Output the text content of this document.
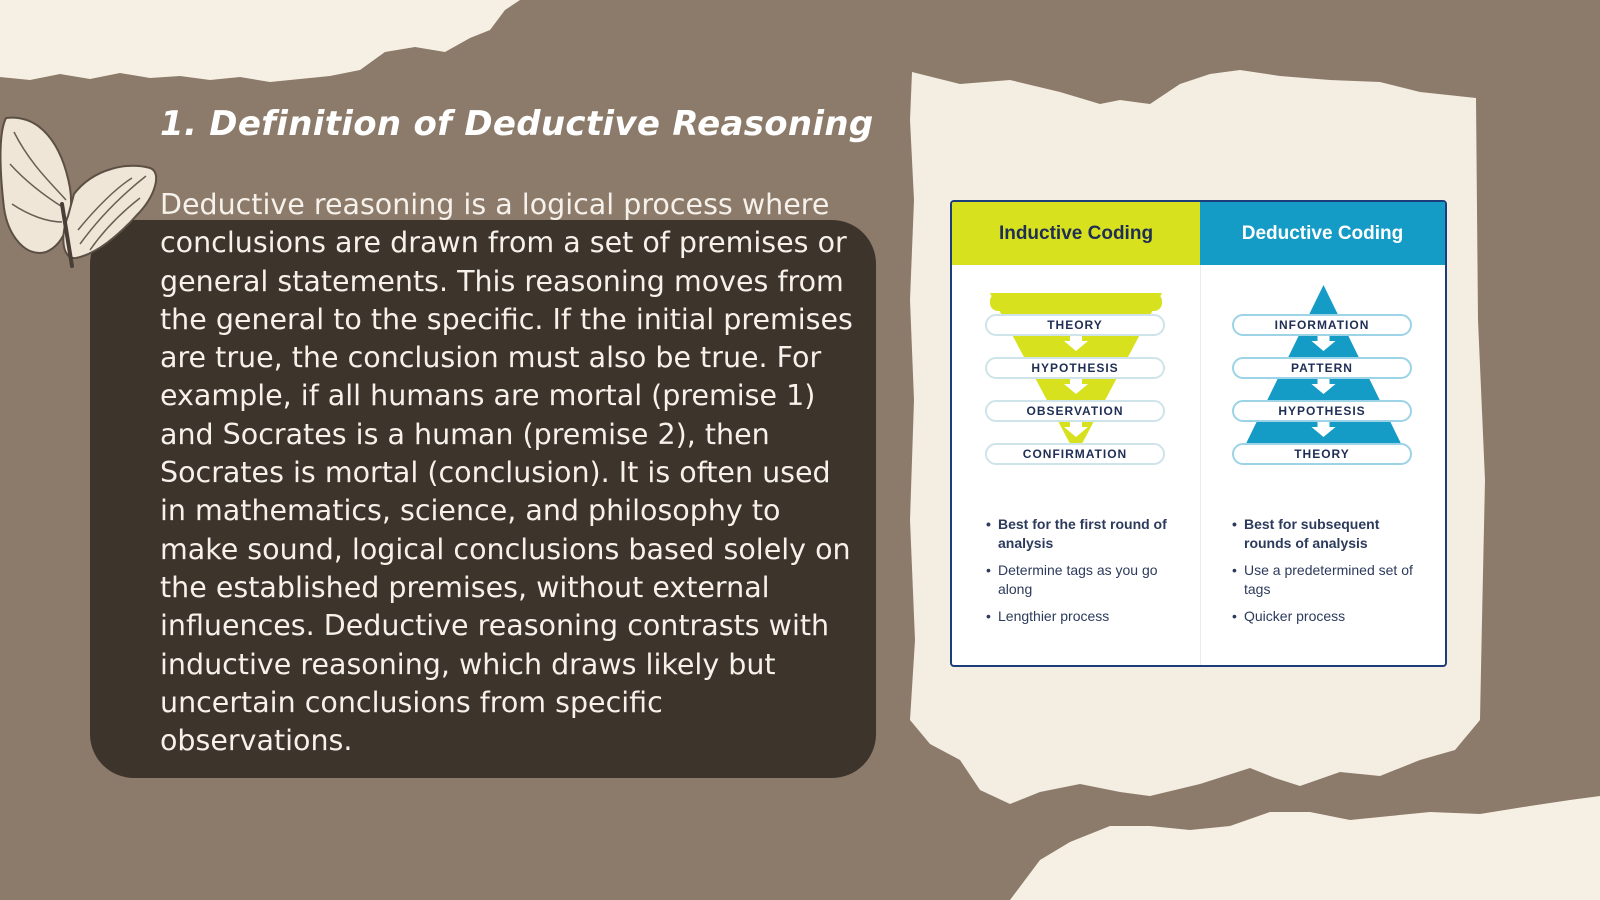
1. Definition of Deductive Reasoning

Deductive reasoning is a logical process where conclusions are drawn from a set of premises or general statements. This reasoning moves from the general to the specific. If the initial premises are true, the conclusion must also be true. For example, if all humans are mortal (premise 1) and Socrates is a human (premise 2), then Socrates is mortal (conclusion). It is often used in mathematics, science, and philosophy to make sound, logical conclusions based solely on the established premises, without external influences. Deductive reasoning contrasts with inductive reasoning, which draws likely but uncertain conclusions from specific observations.

Inductive Coding
THEORY
HYPOTHESIS
OBSERVATION
CONFIRMATION
• Best for the first round of analysis
• Determine tags as you go along
• Lengthier process
Deductive Coding
INFORMATION
PATTERN
HYPOTHESIS
THEORY
• Best for subsequent rounds of analysis
• Use a predetermined set of tags
• Quicker process
